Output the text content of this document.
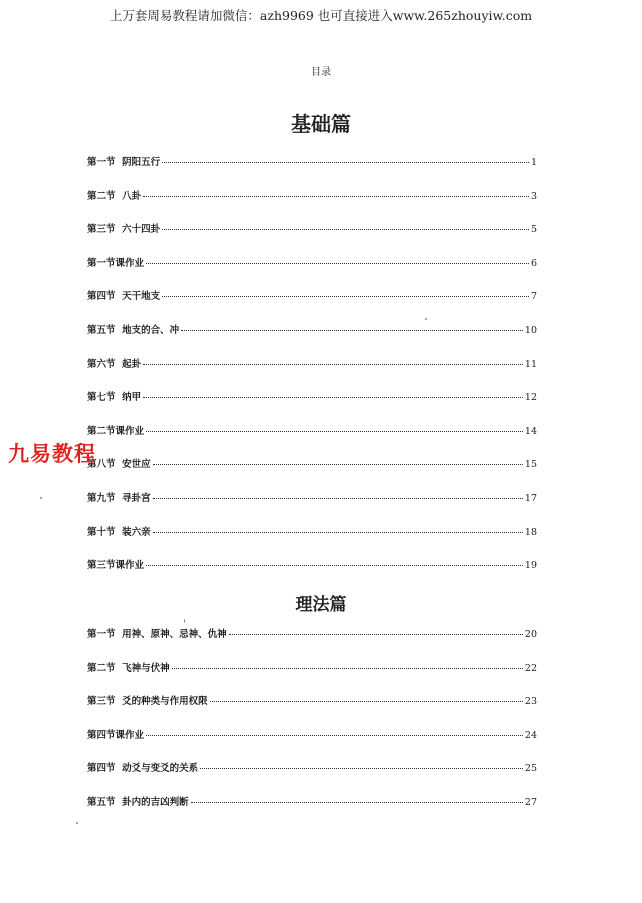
上万套周易教程请加微信：azh9969 也可直接进入www.265zhouyiw.com
目录
基础篇
第一节 阴阳五行	1
第二节 八卦	3
第三节 六十四卦	5
第一节课作业	6
第四节 天干地支	7
第五节 地支的合、冲	10
第六节 起卦	11
第七节 纳甲	12
第二节课作业	14
第八节 安世应	15
第九节 寻卦宫	17
第十节 装六亲	18
第三节课作业	19
理法篇
第一节 用神、原神、忌神、仇神	20
第二节 飞神与伏神	22
第三节 爻的种类与作用权限	23
第四节课作业	24
第四节 动爻与变爻的关系	25
第五节 卦内的吉凶判断	27
九易教程
